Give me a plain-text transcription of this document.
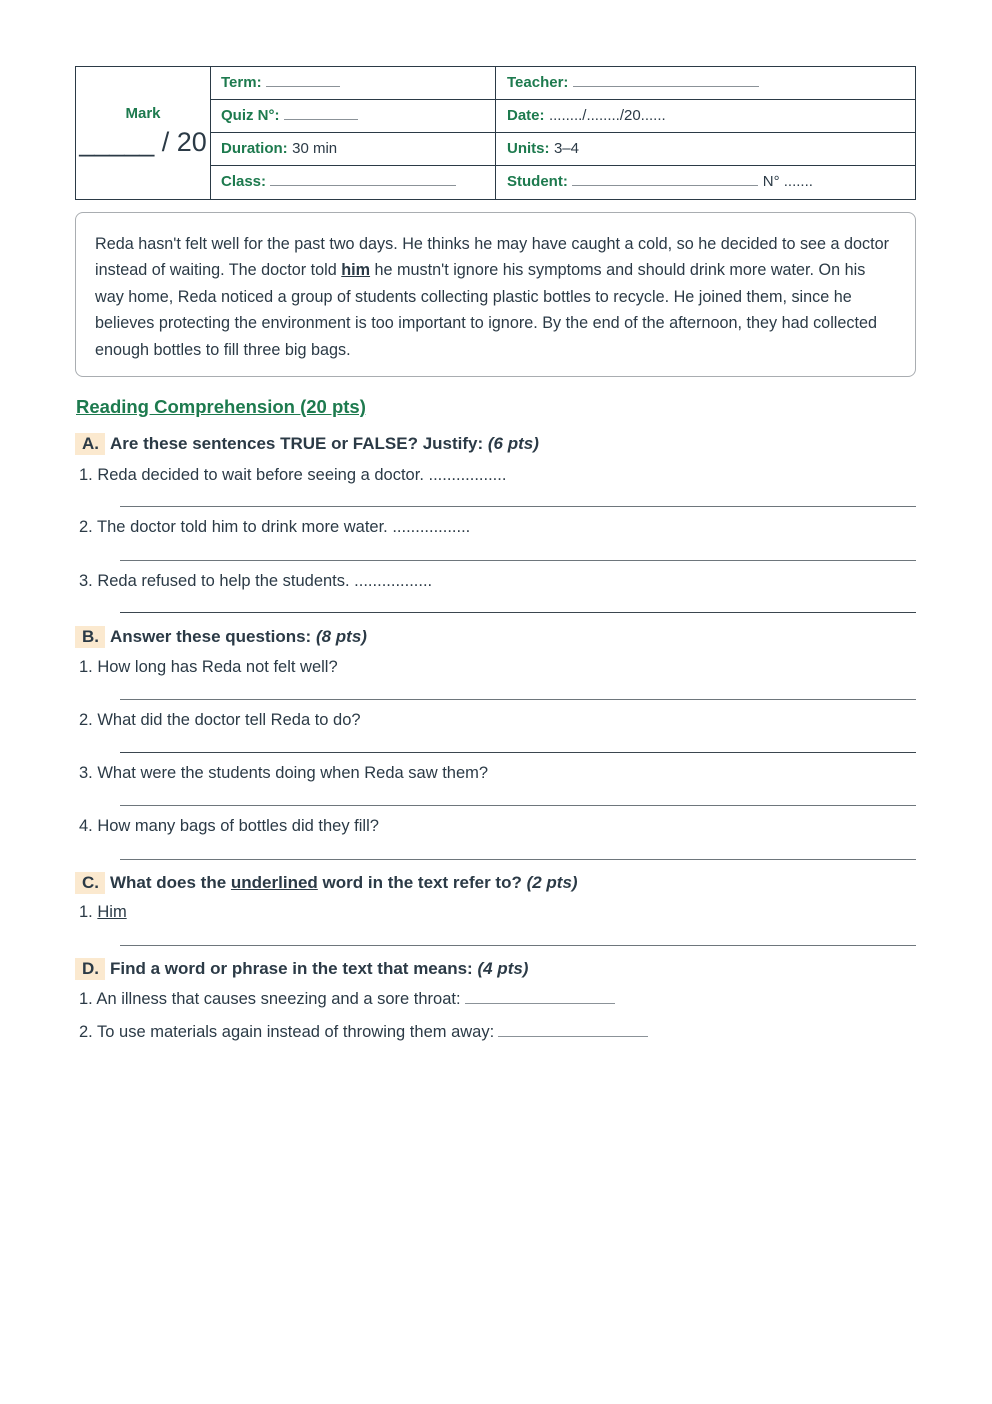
Mark
_____ / 20
Term:	Teacher:
Quiz N°:	Date: ......../......../20......
Duration: 30 min	Units: 3–4
Class:	Student:	N° .......
Reda hasn't felt well for the past two days. He thinks he may have caught a cold, so he decided to see a doctor instead of waiting. The doctor told him he mustn't ignore his symptoms and should drink more water. On his way home, Reda noticed a group of students collecting plastic bottles to recycle. He joined them, since he believes protecting the environment is too important to ignore. By the end of the afternoon, they had collected enough bottles to fill three big bags.
Reading Comprehension (20 pts)
A. Are these sentences TRUE or FALSE? Justify: (6 pts)
1. Reda decided to wait before seeing a doctor. .................
2. The doctor told him to drink more water. .................
3. Reda refused to help the students. .................
B. Answer these questions: (8 pts)
1. How long has Reda not felt well?
2. What did the doctor tell Reda to do?
3. What were the students doing when Reda saw them?
4. How many bags of bottles did they fill?
C. What does the underlined word in the text refer to? (2 pts)
1. Him
D. Find a word or phrase in the text that means: (4 pts)
1. An illness that causes sneezing and a sore throat:
2. To use materials again instead of throwing them away:
